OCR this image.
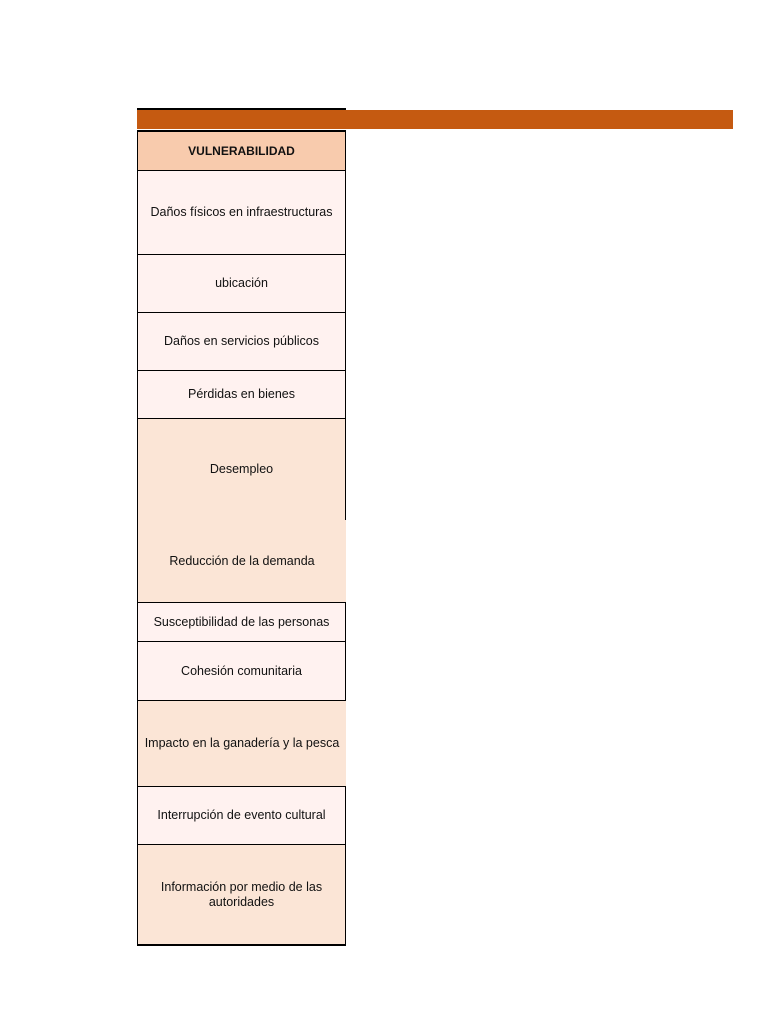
VULNERABILIDAD
Daños físicos en infraestructuras
ubicación
Daños en servicios públicos
Pérdidas en bienes
Desempleo
Reducción de la demanda
Susceptibilidad de las personas
Cohesión comunitaria
Impacto en la ganadería y la pesca
Interrupción de evento cultural
Información por medio de las autoridades
